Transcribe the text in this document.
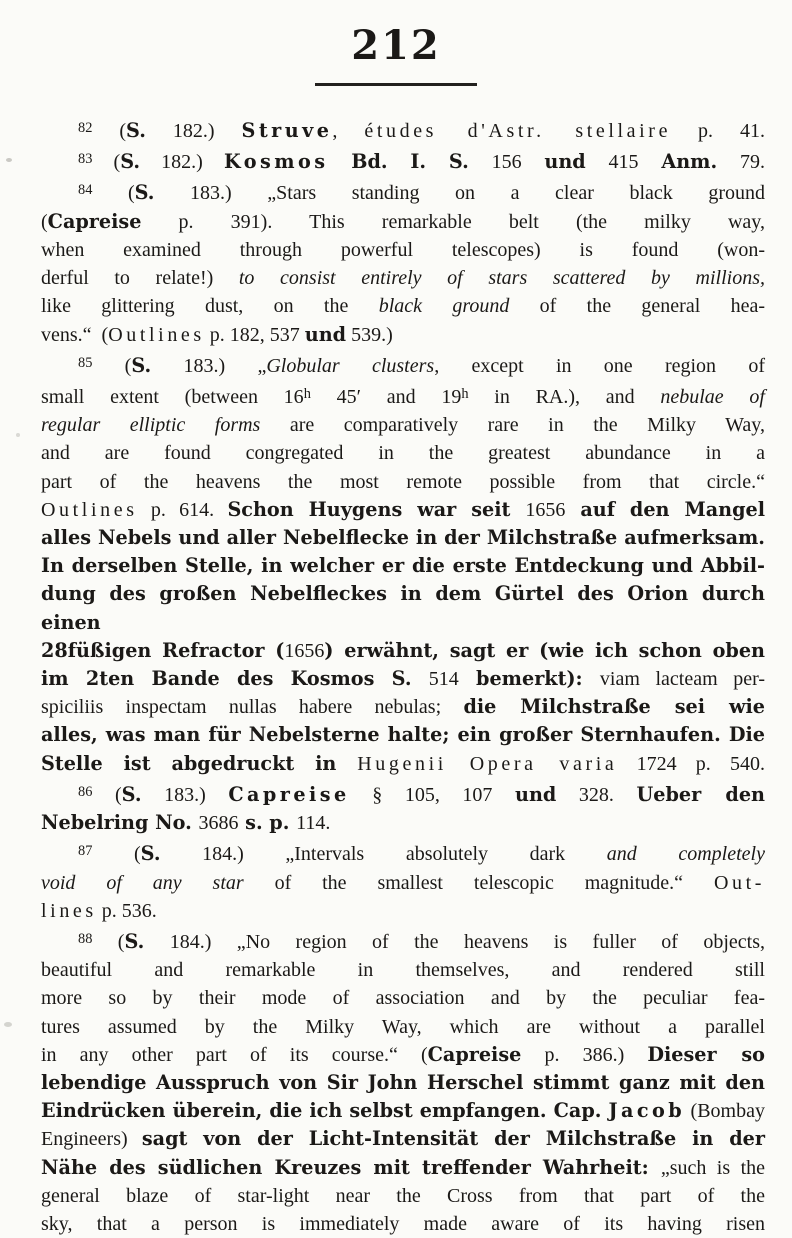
212
$^{82}$ (S. 182.) Struve, études d'Astr. stellaire p. 41.
$^{83}$ (S. 182.) Kosmos Bd. I. S. 156 und 415 Anm. 79.
$^{84}$ (S. 183.) „Stars standing on a clear black ground
(Capreise p. 391). This remarkable belt (the milky way,
when examined through powerful telescopes) is found (won-
derful to relate!) to consist entirely of stars scattered by millions,
like glittering dust, on the black ground of the general hea-
vens.“ (Outlines p. 182, 537 und 539.)
$^{85}$ (S. 183.) „Globular clusters, except in one region of
small extent (between 16$^h$ 45′ and 19$^h$ in RA.), and nebulae of
regular elliptic forms are comparatively rare in the Milky Way,
and are found congregated in the greatest abundance in a
part of the heavens the most remote possible from that circle.“
Outlines p. 614. Schon Huygens war seit 1656 auf den Mangel
alles Nebels und aller Nebelflecke in der Milchstraße aufmerksam.
In derselben Stelle, in welcher er die erste Entdeckung und Abbil-
dung des großen Nebelfleckes in dem Gürtel des Orion durch einen
28füßigen Refractor (1656) erwähnt, sagt er (wie ich schon oben
im 2ten Bande des Kosmos S. 514 bemerkt): viam lacteam per-
spiciliis inspectam nullas habere nebulas; die Milchstraße sei wie
alles, was man für Nebelsterne halte; ein großer Sternhaufen. Die
Stelle ist abgedruckt in Hugenii Opera varia 1724 p. 540.
$^{86}$ (S. 183.) Capreise § 105, 107 und 328. Ueber den
Nebelring No. 3686 s. p. 114.
$^{87}$ (S. 184.) „Intervals absolutely dark and completely
void of any star of the smallest telescopic magnitude.“ Out-
lines p. 536.
$^{88}$ (S. 184.) „No region of the heavens is fuller of objects,
beautiful and remarkable in themselves, and rendered still
more so by their mode of association and by the peculiar fea-
tures assumed by the Milky Way, which are without a parallel
in any other part of its course.“ (Capreise p. 386.) Dieser so
lebendige Ausspruch von Sir John Herschel stimmt ganz mit den
Eindrücken überein, die ich selbst empfangen. Cap. Jacob (Bombay
Engineers) sagt von der Licht-Intensität der Milchstraße in der
Nähe des südlichen Kreuzes mit treffender Wahrheit: „such is the
general blaze of star-light near the Cross from that part of the
sky, that a person is immediately made aware of its having risen
